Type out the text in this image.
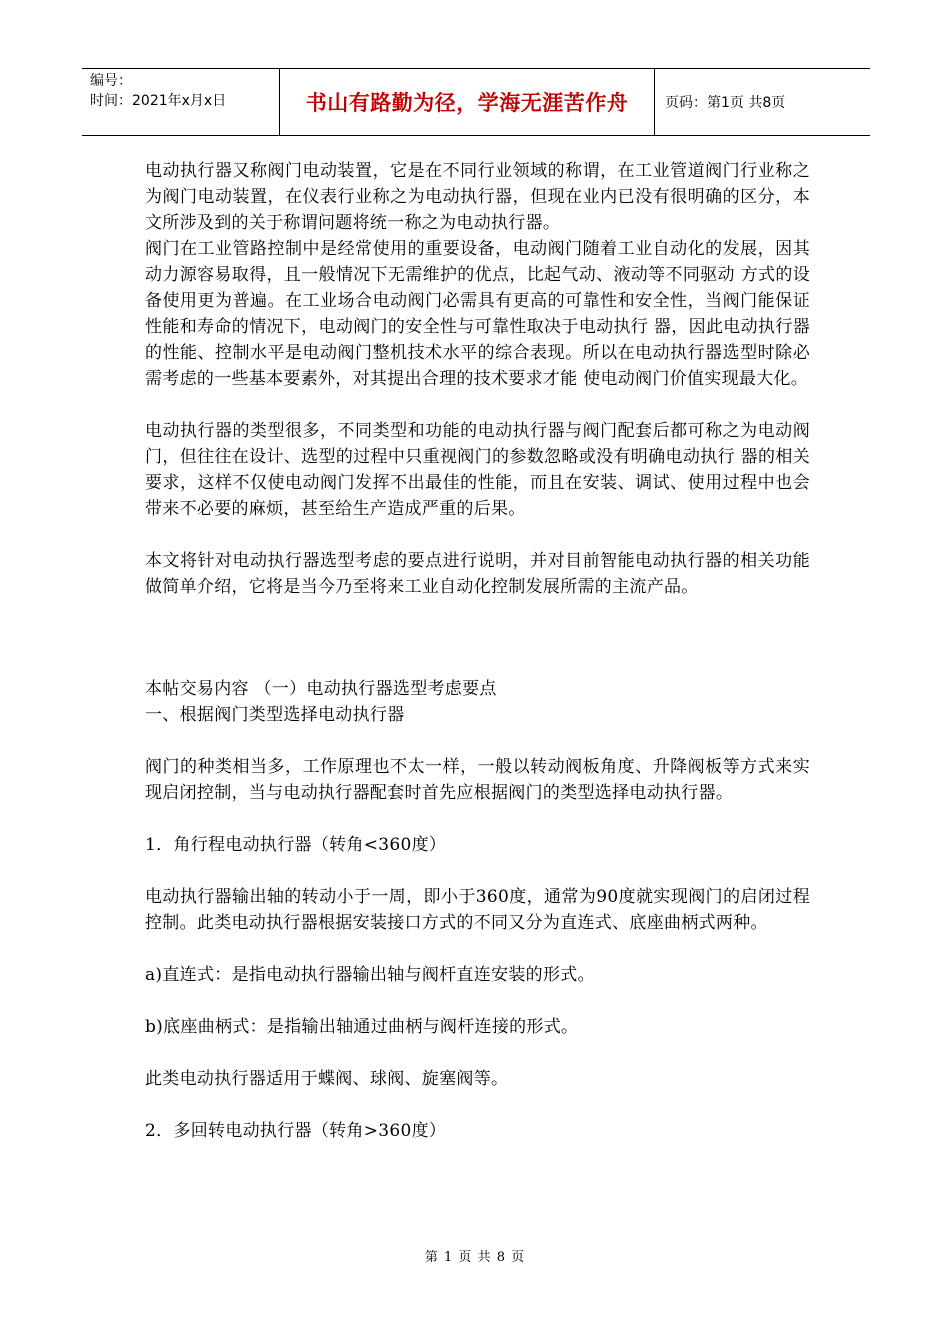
编号：
时间：2021年x月x日	书山有路勤为径，学海无涯苦作舟	页码：第1页 共8页

电动执行器又称阀门电动装置，它是在不同行业领域的称谓，在工业管道阀门行业称之为阀门电动装置，在仪表行业称之为电动执行器，但现在业内已没有很明确的区分，本文所涉及到的关于称谓问题将统一称之为电动执行器。

阀门在工业管路控制中是经常使用的重要设备，电动阀门随着工业自动化的发展，因其动力源容易取得，且一般情况下无需维护的优点，比起气动、液动等不同驱动 方式的设备使用更为普遍。在工业场合电动阀门必需具有更高的可靠性和安全性，当阀门能保证性能和寿命的情况下，电动阀门的安全性与可靠性取决于电动执行 器，因此电动执行器的性能、控制水平是电动阀门整机技术水平的综合表现。所以在电动执行器选型时除必需考虑的一些基本要素外，对其提出合理的技术要求才能 使电动阀门价值实现最大化。

电动执行器的类型很多，不同类型和功能的电动执行器与阀门配套后都可称之为电动阀门，但往往在设计、选型的过程中只重视阀门的参数忽略或没有明确电动执行 器的相关要求，这样不仅使电动阀门发挥不出最佳的性能，而且在安装、调试、使用过程中也会带来不必要的麻烦，甚至给生产造成严重的后果。

本文将针对电动执行器选型考虑的要点进行说明，并对目前智能电动执行器的相关功能做简单介绍，它将是当今乃至将来工业自动化控制发展所需的主流产品。

本帖交易内容 （一）电动执行器选型考虑要点

一、根据阀门类型选择电动执行器

阀门的种类相当多，工作原理也不太一样，一般以转动阀板角度、升降阀板等方式来实现启闭控制，当与电动执行器配套时首先应根据阀门的类型选择电动执行器。

1．角行程电动执行器（转角<360度）

电动执行器输出轴的转动小于一周，即小于360度，通常为90度就实现阀门的启闭过程控制。此类电动执行器根据安装接口方式的不同又分为直连式、底座曲柄式两种。

a)直连式：是指电动执行器输出轴与阀杆直连安装的形式。

b)底座曲柄式：是指输出轴通过曲柄与阀杆连接的形式。

此类电动执行器适用于蝶阀、球阀、旋塞阀等。

2．多回转电动执行器（转角>360度）

第 1 页 共 8 页
